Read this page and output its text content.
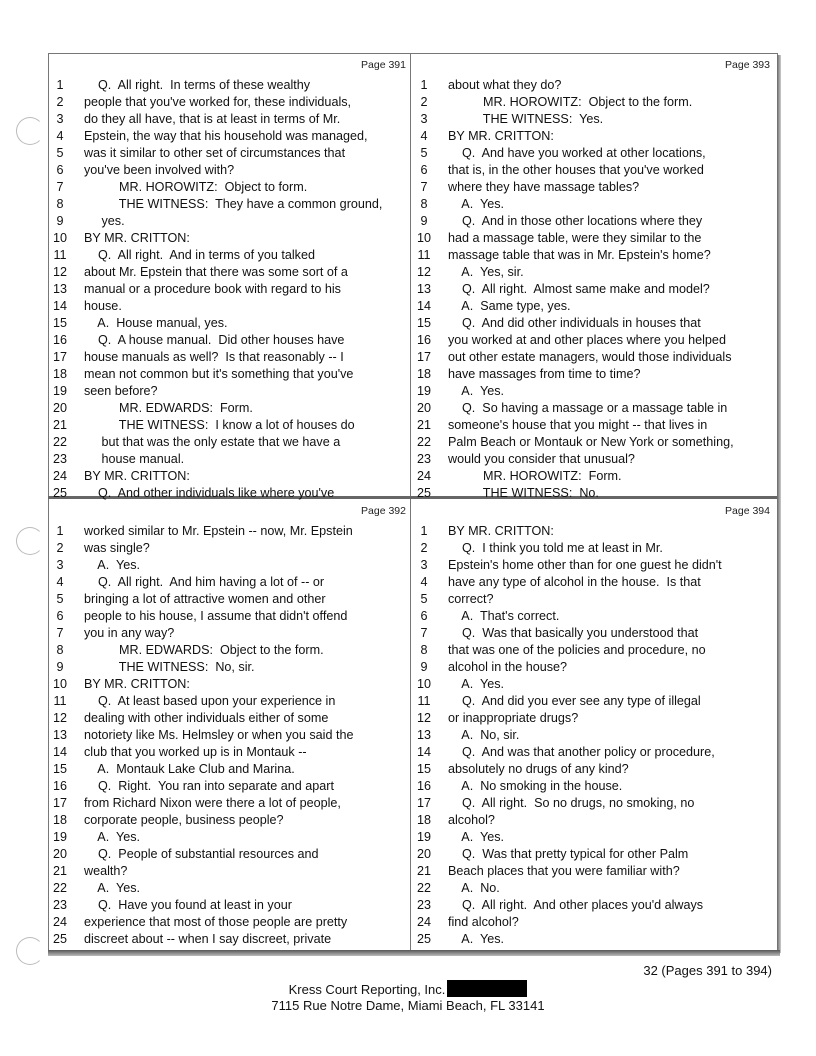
Page 391
1	Q.  All right.  In terms of these wealthy
2	people that you've worked for, these individuals,
3	do they all have, that is at least in terms of Mr.
4	Epstein, the way that his household was managed,
5	was it similar to other set of circumstances that
6	you've been involved with?
7	MR. HOROWITZ:  Object to form.
8	THE WITNESS:  They have a common ground,
9	yes.
10 BY MR. CRITTON:
11 Q.  All right.  And in terms of you talked
12 about Mr. Epstein that there was some sort of a
13 manual or a procedure book with regard to his
14 house.
15 A.  House manual, yes.
16 Q.  A house manual.  Did other houses have
17 house manuals as well?  Is that reasonably -- I
18 mean not common but it's something that you've
19 seen before?
20 MR. EDWARDS:  Form.
21 THE WITNESS:  I know a lot of houses do
22 but that was the only estate that we have a
23 house manual.
24 BY MR. CRITTON:
25 Q.  And other individuals like where you've
Page 393
1	about what they do?
2	MR. HOROWITZ:  Object to the form.
3	THE WITNESS:  Yes.
4	BY MR. CRITTON:
5	Q.  And have you worked at other locations,
6	that is, in the other houses that you've worked
7	where they have massage tables?
8	A.  Yes.
9	Q.  And in those other locations where they
10 had a massage table, were they similar to the
11 massage table that was in Mr. Epstein's home?
12 A.  Yes, sir.
13 Q.  All right.  Almost same make and model?
14 A.  Same type, yes.
15 Q.  And did other individuals in houses that
16 you worked at and other places where you helped
17 out other estate managers, would those individuals
18 have massages from time to time?
19 A.  Yes.
20 Q.  So having a massage or a massage table in
21 someone's house that you might -- that lives in
22 Palm Beach or Montauk or New York or something,
23 would you consider that unusual?
24 MR. HOROWITZ:  Form.
25 THE WITNESS:  No.
Page 392
1	worked similar to Mr. Epstein -- now, Mr. Epstein
2	was single?
3	A.  Yes.
4	Q.  All right.  And him having a lot of -- or
5	bringing a lot of attractive women and other
6	people to his house, I assume that didn't offend
7	you in any way?
8	MR. EDWARDS:  Object to the form.
9	THE WITNESS:  No, sir.
10 BY MR. CRITTON:
11 Q.  At least based upon your experience in
12 dealing with other individuals either of some
13 notoriety like Ms. Helmsley or when you said the
14 club that you worked up is in Montauk --
15 A.  Montauk Lake Club and Marina.
16 Q.  Right.  You ran into separate and apart
17 from Richard Nixon were there a lot of people,
18 corporate people, business people?
19 A.  Yes.
20 Q.  People of substantial resources and
21 wealth?
22 A.  Yes.
23 Q.  Have you found at least in your
24 experience that most of those people are pretty
25 discreet about -- when I say discreet, private
Page 394
1	BY MR. CRITTON:
2	Q.  I think you told me at least in Mr.
3	Epstein's home other than for one guest he didn't
4	have any type of alcohol in the house.  Is that
5	correct?
6	A.  That's correct.
7	Q.  Was that basically you understood that
8	that was one of the policies and procedure, no
9	alcohol in the house?
10 A.  Yes.
11 Q.  And did you ever see any type of illegal
12 or inappropriate drugs?
13 A.  No, sir.
14 Q.  And was that another policy or procedure,
15 absolutely no drugs of any kind?
16 A.  No smoking in the house.
17 Q.  All right.  So no drugs, no smoking, no
18 alcohol?
19 A.  Yes.
20 Q.  Was that pretty typical for other Palm
21 Beach places that you were familiar with?
22 A.  No.
23 Q.  All right.  And other places you'd always
24 find alcohol?
25 A.  Yes.
32 (Pages 391 to 394)
Kress Court Reporting, Inc.
7115 Rue Notre Dame, Miami Beach, FL 33141
